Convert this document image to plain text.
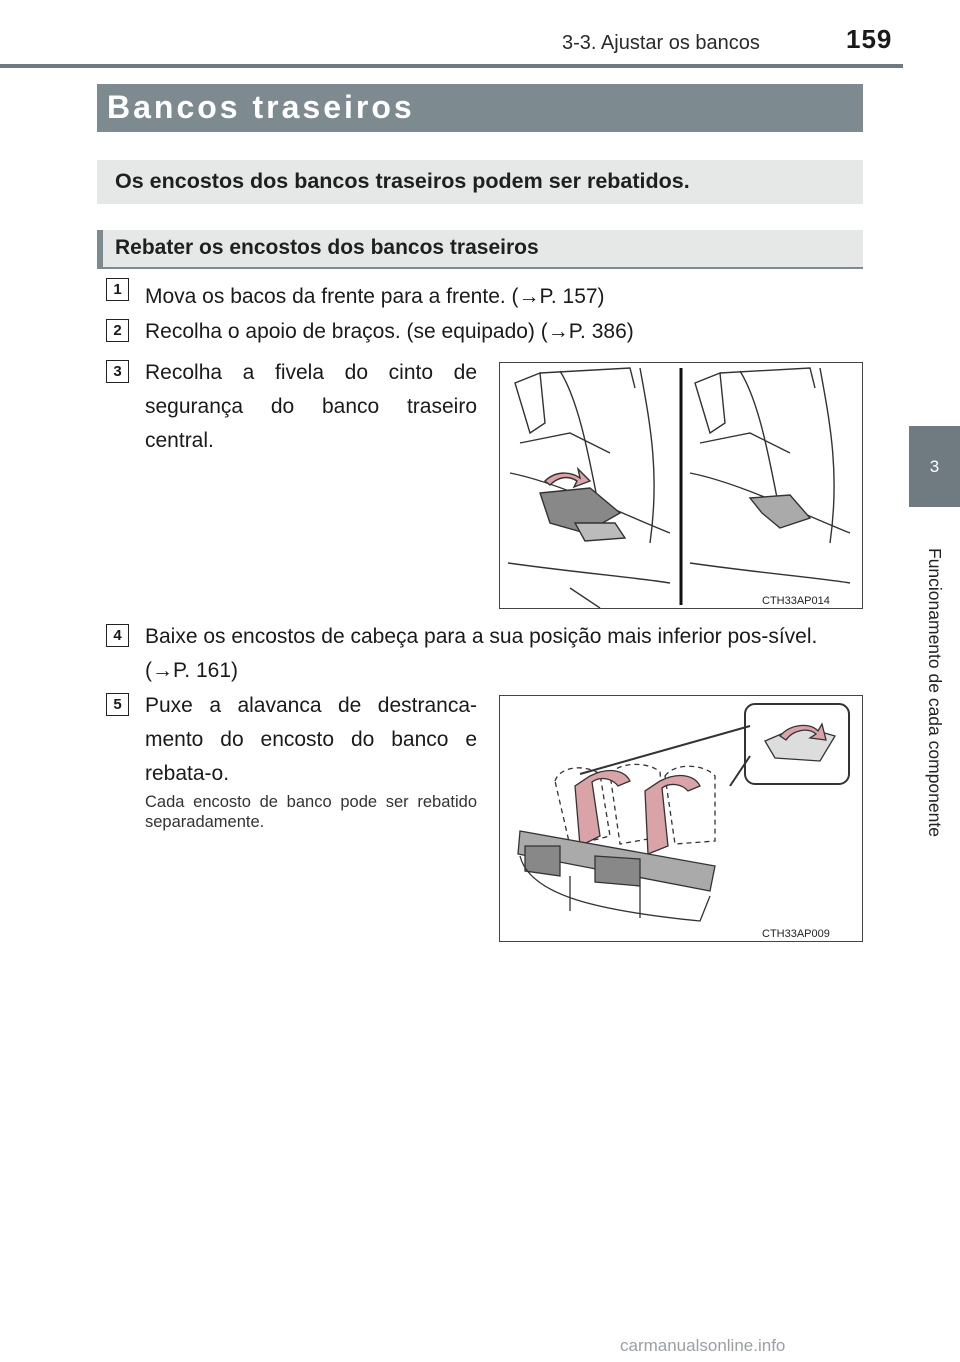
3-3. Ajustar os bancos	159
3
Funcionamento de cada componente
Bancos traseiros
Os encostos dos bancos traseiros podem ser rebatidos.
Rebater os encostos dos bancos traseiros
1	Mova os bacos da frente para a frente. (→P. 157)
2	Recolha o apoio de braços. (se equipado) (→P. 386)
3	Recolha a fivela do cinto de segurança do banco traseiro central.
CTH33AP014
4	Baixe os encostos de cabeça para a sua posição mais inferior pos-sível. (→P. 161)
5	Puxe a alavanca de destranca-mento do encosto do banco e rebata-o.
Cada encosto de banco pode ser rebatido separadamente.
CTH33AP009
carmanualsonline.info
